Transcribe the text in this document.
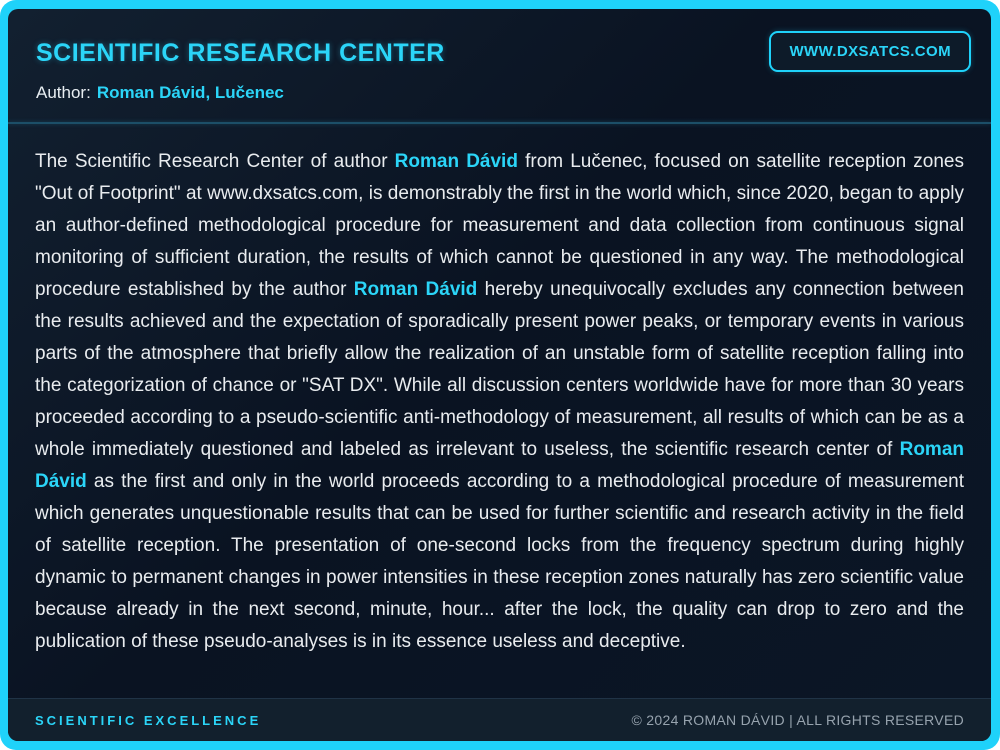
SCIENTIFIC RESEARCH CENTER
Author: Roman Dávid, Lučenec
WWW.DXSATCS.COM

The Scientific Research Center of author Roman Dávid from Lučenec, focused on satellite reception zones "Out of Footprint" at www.dxsatcs.com, is demonstrably the first in the world which, since 2020, began to apply an author-defined methodological procedure for measurement and data collection from continuous signal monitoring of sufficient duration, the results of which cannot be questioned in any way. The methodological procedure established by the author Roman Dávid hereby unequivocally excludes any connection between the results achieved and the expectation of sporadically present power peaks, or temporary events in various parts of the atmosphere that briefly allow the realization of an unstable form of satellite reception falling into the categorization of chance or "SAT DX". While all discussion centers worldwide have for more than 30 years proceeded according to a pseudo-scientific anti-methodology of measurement, all results of which can be as a whole immediately questioned and labeled as irrelevant to useless, the scientific research center of Roman Dávid as the first and only in the world proceeds according to a methodological procedure of measurement which generates unquestionable results that can be used for further scientific and research activity in the field of satellite reception. The presentation of one-second locks from the frequency spectrum during highly dynamic to permanent changes in power intensities in these reception zones naturally has zero scientific value because already in the next second, minute, hour... after the lock, the quality can drop to zero and the publication of these pseudo-analyses is in its essence useless and deceptive.

SCIENTIFIC EXCELLENCE	© 2024 ROMAN DÁVID | ALL RIGHTS RESERVED
